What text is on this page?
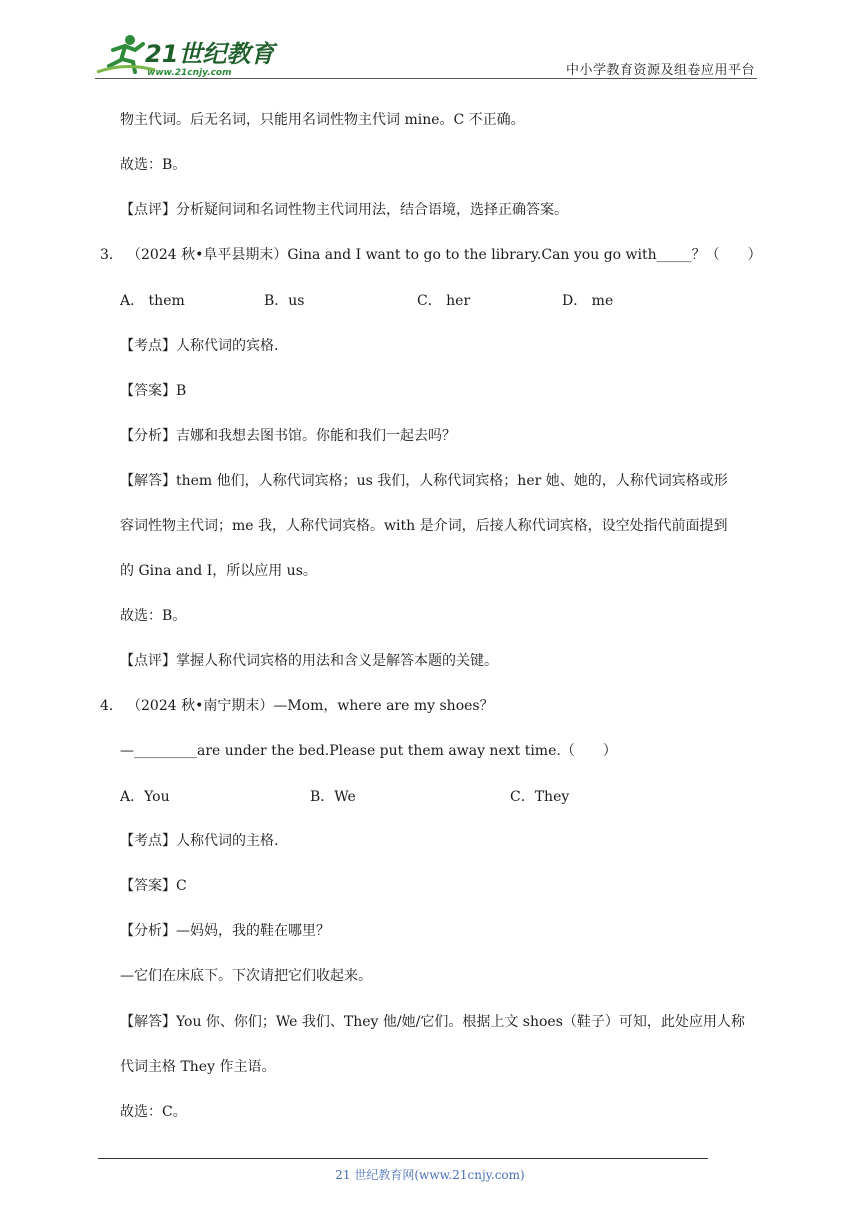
21世纪教育
www.21cnjy.com	中小学教育资源及组卷应用平台
物主代词。后无名词，只能用名词性物主代词 mine。C 不正确。
故选：B。
【点评】分析疑问词和名词性物主代词用法，结合语境，选择正确答案。
3． （2024 秋•阜平县期末）Gina and I want to go to the library.Can you go with_____？（　　）
A． them	B．us	C． her	D． me
【考点】人称代词的宾格.
【答案】B
【分析】吉娜和我想去图书馆。你能和我们一起去吗？
【解答】them 他们，人称代词宾格；us 我们，人称代词宾格；her 她、她的，人称代词宾格或形
容词性物主代词；me 我，人称代词宾格。with 是介词，后接人称代词宾格，设空处指代前面提到
的 Gina and I，所以应用 us。
故选：B。
【点评】掌握人称代词宾格的用法和含义是解答本题的关键。
4． （2024 秋•南宁期末）—Mom，where are my shoes？
—_________are under the bed.Please put them away next time.（　　）
A．You	B．We	C．They
【考点】人称代词的主格.
【答案】C
【分析】—妈妈，我的鞋在哪里？
—它们在床底下。下次请把它们收起来。
【解答】You 你、你们；We 我们、They 他/她/它们。根据上文 shoes（鞋子）可知，此处应用人称
代词主格 They 作主语。
故选：C。
21 世纪教育网(www.21cnjy.com)
